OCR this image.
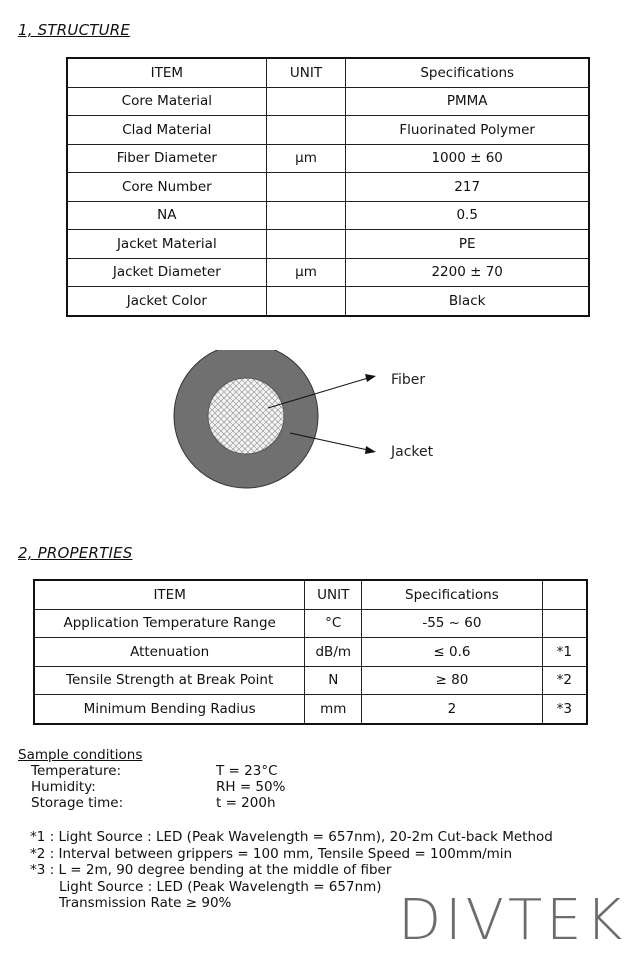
1, STRUCTURE
ITEM	UNIT	Specifications
Core Material		PMMA
Clad Material		Fluorinated Polymer
Fiber Diameter	μm	1000 ± 60
Core Number		217
NA		0.5
Jacket Material		PE
Jacket Diameter	μm	2200 ± 70
Jacket Color		Black
Fiber
Jacket
2, PROPERTIES
ITEM	UNIT	Specifications	
Application Temperature Range	°C	-55 ~ 60	
Attenuation	dB/m	≤ 0.6	*1
Tensile Strength at Break Point	N	≥ 80	*2
Minimum Bending Radius	mm	2	*3
Sample conditions
Temperature:	T = 23°C
Humidity:	RH = 50%
Storage time:	t = 200h
*1 : Light Source : LED (Peak Wavelength = 657nm), 20-2m Cut-back Method
*2 : Interval between grippers = 100 mm, Tensile Speed = 100mm/min
*3 : L = 2m, 90 degree bending at the middle of fiber
Light Source : LED (Peak Wavelength = 657nm)
Transmission Rate ≥ 90%	DIVTEK
